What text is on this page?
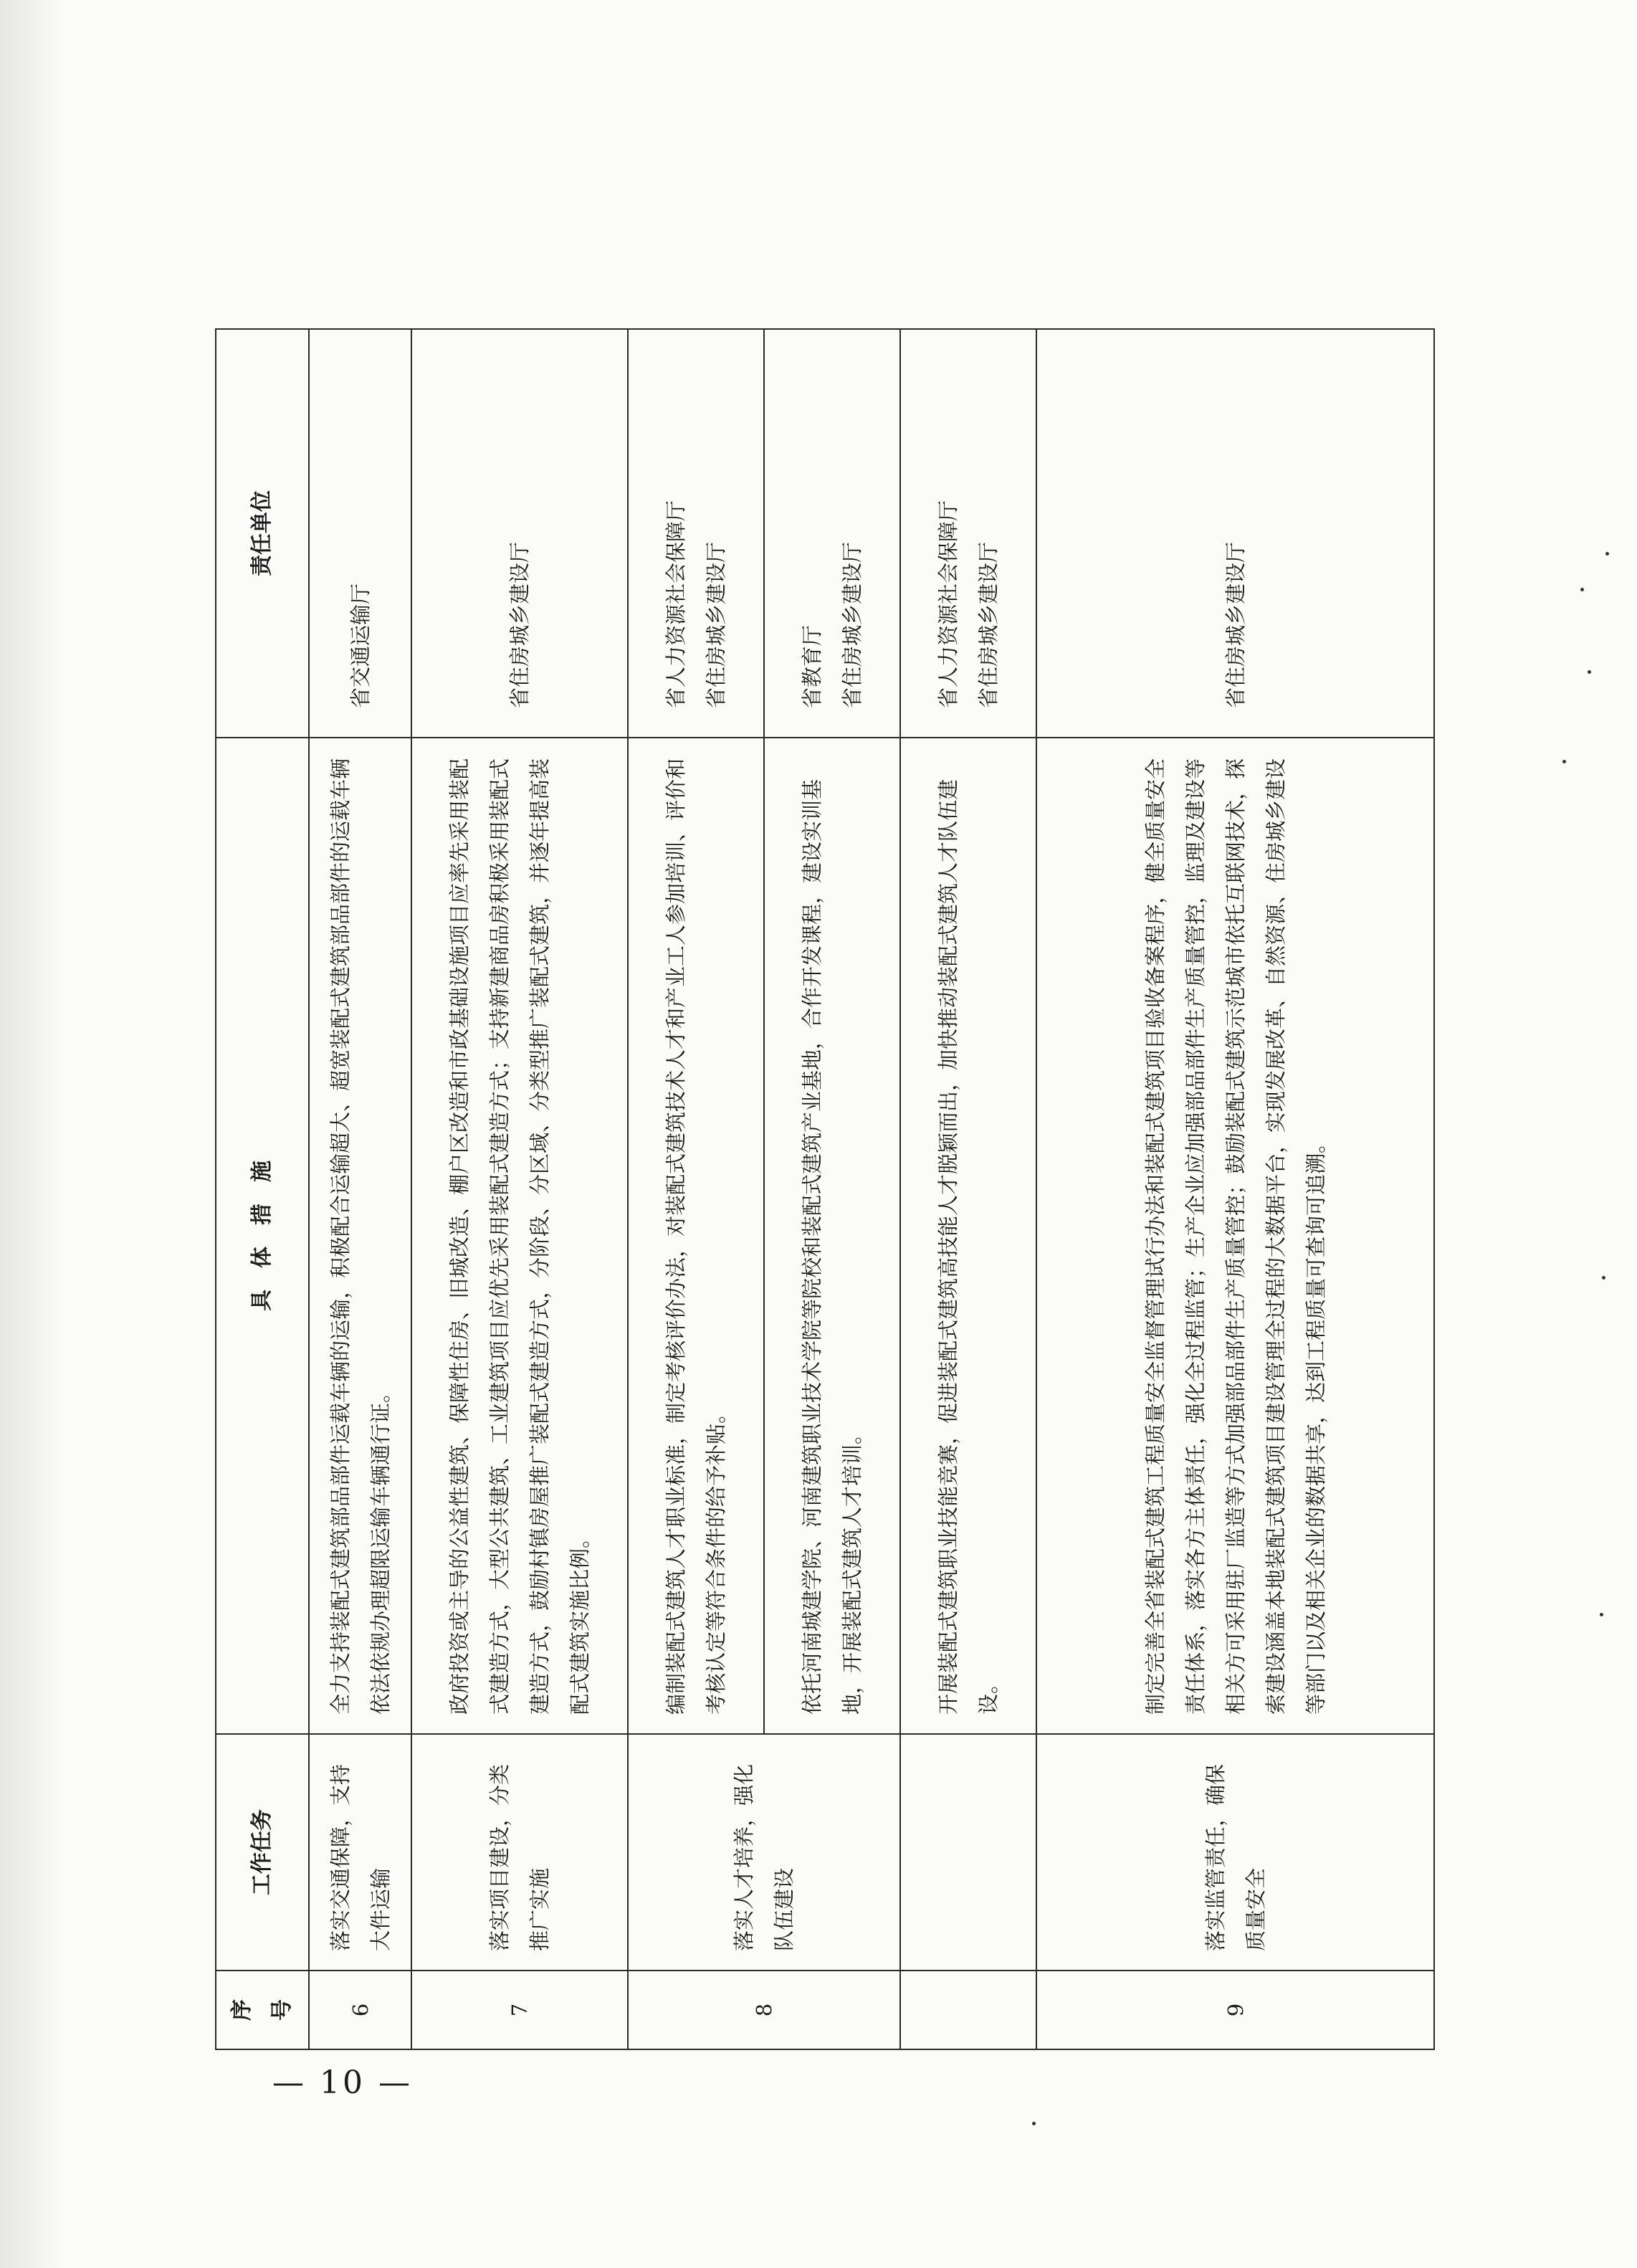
序号	工作任务	具　体　措　施	责任单位
6	落实交通保障，支持大件运输	全力支持装配式建筑部品部件运载车辆的运输，积极配合运输超大、超宽装配式建筑部品部件的运载车辆依法依规办理超限运输车辆通行证。	省交通运输厅

7	落实项目建设，分类推广实施	政府投资或主导的公益性建筑、保障性住房、旧城改造、棚户区改造和市政基础设施项目应率先采用装配式建造方式，大型公共建筑、工业建筑项目应优先采用装配式建造方式；支持新建商品房积极采用装配式建造方式，鼓励村镇房屋推广装配式建造方式，分阶段、分区域、分类型推广装配式建筑，并逐年提高装配式建筑实施比例。	省住房城乡建设厅

8	落实人才培养，强化队伍建设	编制装配式建筑人才职业标准，制定考核评价办法，对装配式建筑技术人才和产业工人参加培训、评价和考核认定等符合条件的给予补贴。	省人力资源社会保障厅 省住房城乡建设厅

		依托河南城建学院、河南建筑职业技术学院等院校和装配式建筑产业基地，合作开发课程，建设实训基地，开展装配式建筑人才培训。	省教育厅 省住房城乡建设厅

		开展装配式建筑职业技能竞赛，促进装配式建筑高技能人才脱颖而出，加快推动装配式建筑人才队伍建设。	省人力资源社会保障厅 省住房城乡建设厅

9	落实监管责任，确保质量安全	制定完善全省装配式建筑工程质量安全监督管理试行办法和装配式建筑项目验收备案程序，健全质量安全责任体系，落实各方主体责任，强化全过程监管；生产企业应加强部品部件生产质量管控，监理及建设等相关方可采用驻厂监造等方式加强部品部件生产质量管控；鼓励装配式建筑示范城市依托互联网技术，探索建设涵盖本地装配式建筑项目建设管理全过程的大数据平台，实现发展改革、自然资源、住房城乡建设等部门以及相关企业的数据共享，达到工程质量可查询可追溯。	省住房城乡建设厅
— 10 —
